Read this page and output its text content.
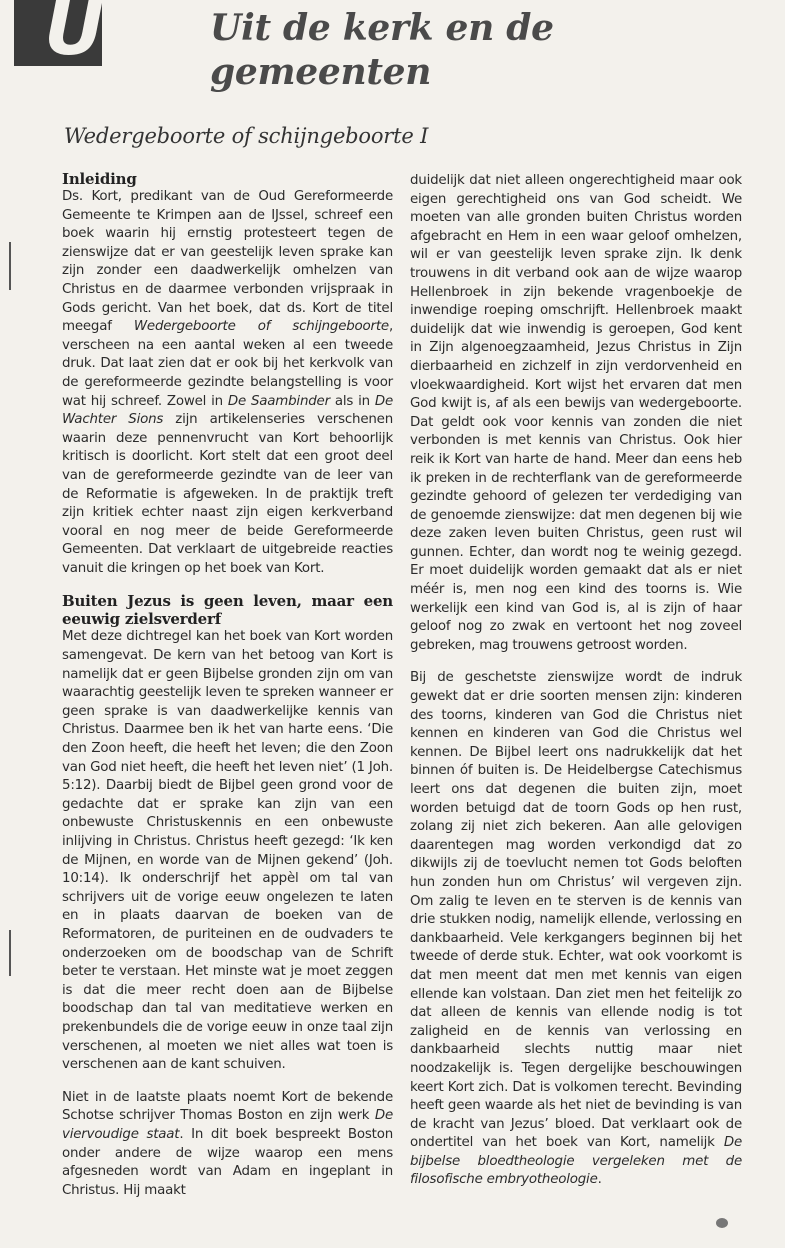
U	Uit de kerk en de gemeenten
Wedergeboorte of schijngeboorte I
Inleiding

Ds. Kort, predikant van de Oud Gereformeerde Gemeente te Krimpen aan de IJssel, schreef een boek waarin hij ernstig protesteert tegen de zienswijze dat er van geestelijk leven sprake kan zijn zonder een daadwerkelijk omhelzen van Christus en de daarmee verbonden vrijspraak in Gods gericht. Van het boek, dat ds. Kort de titel meegaf Wedergeboorte of schijngeboorte, verscheen na een aantal weken al een tweede druk. Dat laat zien dat er ook bij het kerkvolk van de gereformeerde gezindte belangstelling is voor wat hij schreef. Zowel in De Saambinder als in De Wachter Sions zijn artikelenseries verschenen waarin deze pennenvrucht van Kort behoorlijk kritisch is doorlicht. Kort stelt dat een groot deel van de gereformeerde gezindte van de leer van de Reformatie is afgeweken. In de praktijk treft zijn kritiek echter naast zijn eigen kerkverband vooral en nog meer de beide Gereformeerde Gemeenten. Dat verklaart de uitgebreide reacties vanuit die kringen op het boek van Kort.

Buiten Jezus is geen leven, maar een eeuwig zielsverderf

Met deze dichtregel kan het boek van Kort worden samengevat. De kern van het betoog van Kort is namelijk dat er geen Bijbelse gronden zijn om van waarachtig geestelijk leven te spreken wanneer er geen sprake is van daadwerkelijke kennis van Christus. Daarmee ben ik het van harte eens. ‘Die den Zoon heeft, die heeft het leven; die den Zoon van God niet heeft, die heeft het leven niet’ (1 Joh. 5:12). Daarbij biedt de Bijbel geen grond voor de gedachte dat er sprake kan zijn van een onbewuste Christuskennis en een onbewuste inlijving in Christus. Christus heeft gezegd: ‘Ik ken de Mijnen, en worde van de Mijnen gekend’ (Joh. 10:14). Ik onderschrijf het appèl om tal van schrijvers uit de vorige eeuw ongelezen te laten en in plaats daarvan de boeken van de Reformatoren, de puriteinen en de oudvaders te onderzoeken om de boodschap van de Schrift beter te verstaan. Het minste wat je moet zeggen is dat die meer recht doen aan de Bijbelse boodschap dan tal van meditatieve werken en prekenbundels die de vorige eeuw in onze taal zijn verschenen, al moeten we niet alles wat toen is verschenen aan de kant schuiven.

Niet in de laatste plaats noemt Kort de bekende Schotse schrijver Thomas Boston en zijn werk De viervoudige staat. In dit boek bespreekt Boston onder andere de wijze waarop een mens afgesneden wordt van Adam en ingeplant in Christus. Hij maakt

duidelijk dat niet alleen ongerechtigheid maar ook eigen gerechtigheid ons van God scheidt. We moeten van alle gronden buiten Christus worden afgebracht en Hem in een waar geloof omhelzen, wil er van geestelijk leven sprake zijn. Ik denk trouwens in dit verband ook aan de wijze waarop Hellenbroek in zijn bekende vragenboekje de inwendige roeping omschrijft. Hellenbroek maakt duidelijk dat wie inwendig is geroepen, God kent in Zijn algenoegzaamheid, Jezus Christus in Zijn dierbaarheid en zichzelf in zijn verdorvenheid en vloekwaardigheid. Kort wijst het ervaren dat men God kwijt is, af als een bewijs van wedergeboorte. Dat geldt ook voor kennis van zonden die niet verbonden is met kennis van Christus. Ook hier reik ik Kort van harte de hand. Meer dan eens heb ik preken in de rechterflank van de gereformeerde gezindte gehoord of gelezen ter verdediging van de genoemde zienswijze: dat men degenen bij wie deze zaken leven buiten Christus, geen rust wil gunnen. Echter, dan wordt nog te weinig gezegd. Er moet duidelijk worden gemaakt dat als er niet méér is, men nog een kind des toorns is. Wie werkelijk een kind van God is, al is zijn of haar geloof nog zo zwak en vertoont het nog zoveel gebreken, mag trouwens getroost worden.

Bij de geschetste zienswijze wordt de indruk gewekt dat er drie soorten mensen zijn: kinderen des toorns, kinderen van God die Christus niet kennen en kinderen van God die Christus wel kennen. De Bijbel leert ons nadrukkelijk dat het binnen óf buiten is. De Heidelbergse Catechismus leert ons dat degenen die buiten zijn, moet worden betuigd dat de toorn Gods op hen rust, zolang zij niet zich bekeren. Aan alle gelovigen daarentegen mag worden verkondigd dat zo dikwijls zij de toevlucht nemen tot Gods beloften hun zonden hun om Christus’ wil vergeven zijn. Om zalig te leven en te sterven is de kennis van drie stukken nodig, namelijk ellende, verlossing en dankbaarheid. Vele kerkgangers beginnen bij het tweede of derde stuk. Echter, wat ook voorkomt is dat men meent dat men met kennis van eigen ellende kan volstaan. Dan ziet men het feitelijk zo dat alleen de kennis van ellende nodig is tot zaligheid en de kennis van verlossing en dankbaarheid slechts nuttig maar niet noodzakelijk is. Tegen dergelijke beschouwingen keert Kort zich. Dat is volkomen terecht. Bevinding heeft geen waarde als het niet de bevinding is van de kracht van Jezus’ bloed. Dat verklaart ook de ondertitel van het boek van Kort, namelijk De bijbelse bloedtheologie vergeleken met de filosofische embryotheologie.
